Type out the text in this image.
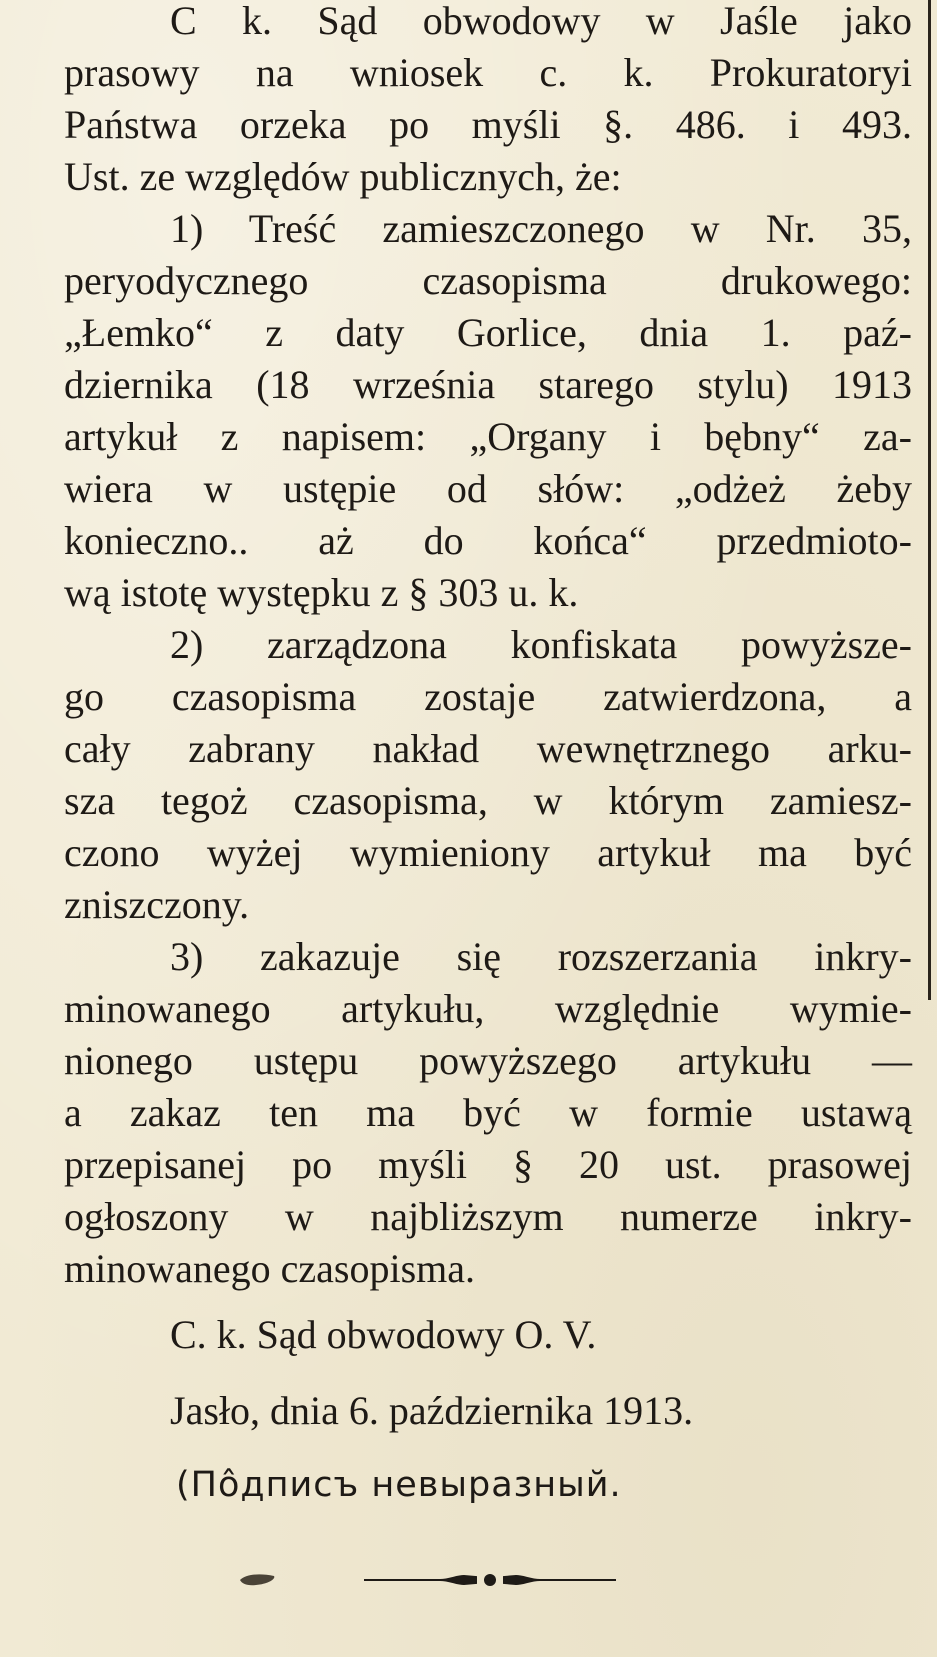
C k. Sąd obwodowy w Jaśle jako

prasowy na wniosek c. k. Prokuratoryi

Państwa orzeka po myśli §. 486. i 493.

Ust. ze względów publicznych, że:

1) Treść zamieszczonego w Nr. 35,

peryodycznego czasopisma drukowego:

„Łemko“ z daty Gorlice, dnia 1. paź-

dziernika (18 września starego stylu) 1913

artykuł z napisem: „Organy i bębny“ za-

wiera w ustępie od słów: „odżeż żeby

konieczno.. aż do końca“ przedmioto-

wą istotę występku z § 303 u. k.

2) zarządzona konfiskata powyższe-

go czasopisma zostaje zatwierdzona, a

cały zabrany nakład wewnętrznego arku-

sza tegoż czasopisma, w którym zamiesz-

czono wyżej wymieniony artykuł ma być

zniszczony.

3) zakazuje się rozszerzania inkry-

minowanego artykułu, względnie wymie-

nionego ustępu powyższego artykułu —

a zakaz ten ma być w formie ustawą

przepisanej po myśli § 20 ust. prasowej

ogłoszony w najbliższym numerze inkry-

minowanego czasopisma.

C. k. Sąd obwodowy O. V.

Jasło, dnia 6. października 1913.

(Пôдписъ невыразный.
